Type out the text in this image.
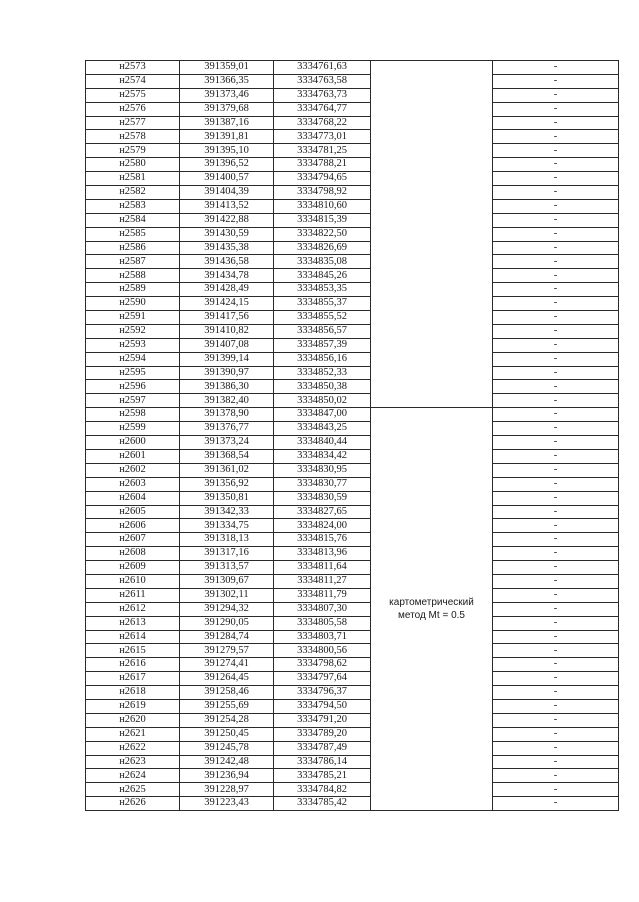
н2573	391359,01	3334761,63		-
н2574	391366,35	3334763,58		-
н2575	391373,46	3334763,73		-
н2576	391379,68	3334764,77		-
н2577	391387,16	3334768,22		-
н2578	391391,81	3334773,01		-
н2579	391395,10	3334781,25		-
н2580	391396,52	3334788,21		-
н2581	391400,57	3334794,65		-
н2582	391404,39	3334798,92		-
н2583	391413,52	3334810,60		-
н2584	391422,88	3334815,39		-
н2585	391430,59	3334822,50		-
н2586	391435,38	3334826,69		-
н2587	391436,58	3334835,08		-
н2588	391434,78	3334845,26		-
н2589	391428,49	3334853,35		-
н2590	391424,15	3334855,37		-
н2591	391417,56	3334855,52		-
н2592	391410,82	3334856,57		-
н2593	391407,08	3334857,39		-
н2594	391399,14	3334856,16		-
н2595	391390,97	3334852,33		-
н2596	391386,30	3334850,38		-
н2597	391382,40	3334850,02		-
н2598	391378,90	3334847,00	картометрический
метод Mt = 0.5	-
н2599	391376,77	3334843,25		-
н2600	391373,24	3334840,44		-
н2601	391368,54	3334834,42		-
н2602	391361,02	3334830,95		-
н2603	391356,92	3334830,77		-
н2604	391350,81	3334830,59		-
н2605	391342,33	3334827,65		-
н2606	391334,75	3334824,00		-
н2607	391318,13	3334815,76		-
н2608	391317,16	3334813,96		-
н2609	391313,57	3334811,64		-
н2610	391309,67	3334811,27		-
н2611	391302,11	3334811,79		-
н2612	391294,32	3334807,30		-
н2613	391290,05	3334805,58		-
н2614	391284,74	3334803,71		-
н2615	391279,57	3334800,56		-
н2616	391274,41	3334798,62		-
н2617	391264,45	3334797,64		-
н2618	391258,46	3334796,37		-
н2619	391255,69	3334794,50		-
н2620	391254,28	3334791,20		-
н2621	391250,45	3334789,20		-
н2622	391245,78	3334787,49		-
н2623	391242,48	3334786,14		-
н2624	391236,94	3334785,21		-
н2625	391228,97	3334784,82		-
н2626	391223,43	3334785,42		-
